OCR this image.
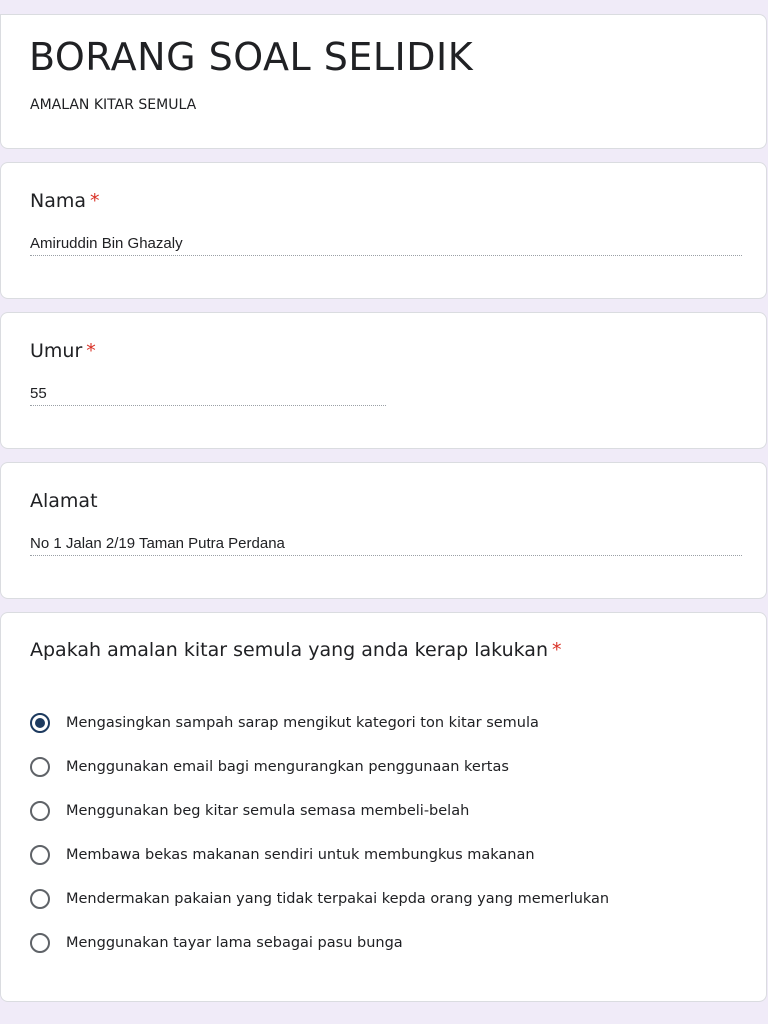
BORANG SOAL SELIDIK

AMALAN KITAR SEMULA

Nama *
Amiruddin Bin Ghazaly
Umur *
55
Alamat
No 1 Jalan 2/19 Taman Putra Perdana
Apakah amalan kitar semula yang anda kerap lakukan *
Mengasingkan sampah sarap mengikut kategori ton kitar semula
Menggunakan email bagi mengurangkan penggunaan kertas
Menggunakan beg kitar semula semasa membeli-belah
Membawa bekas makanan sendiri untuk membungkus makanan
Mendermakan pakaian yang tidak terpakai kepda orang yang memerlukan
Menggunakan tayar lama sebagai pasu bunga
